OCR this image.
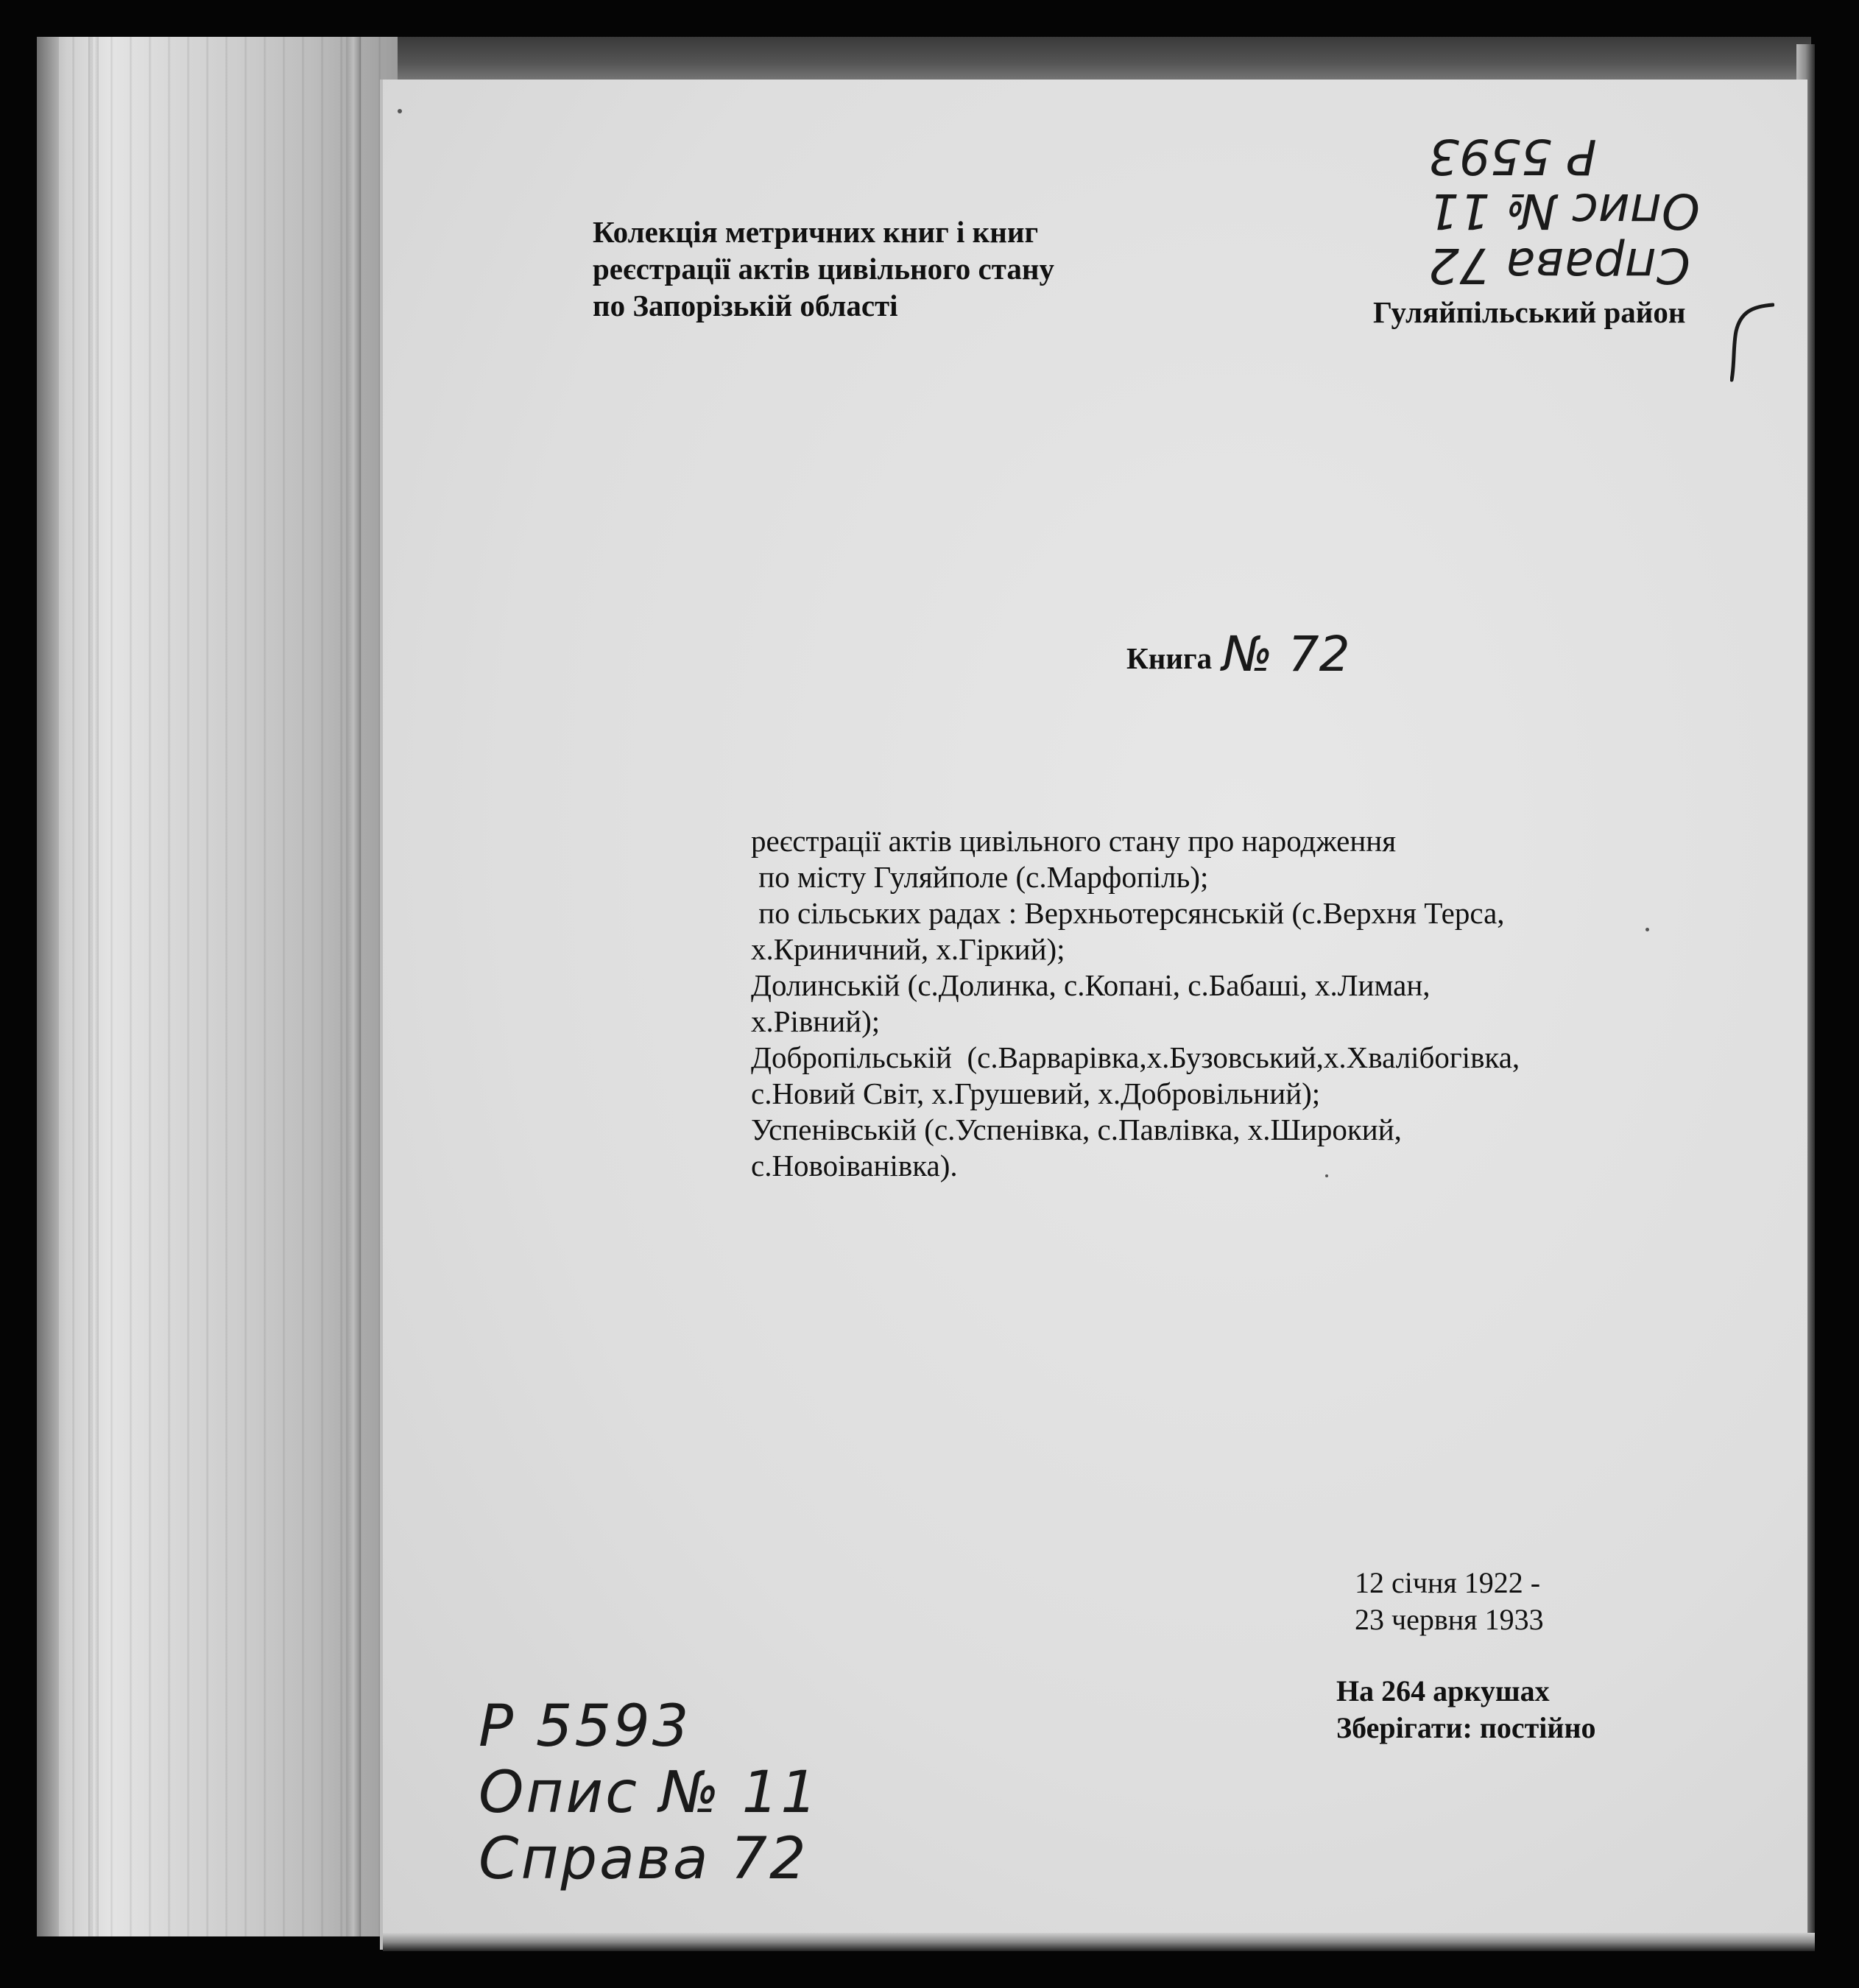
Колекція метричних книг і книг
реєстрації актів цивільного стану
по Запорізькій області	Гуляйпільський район
Справа 72
Опис № 11
Р 5593
Книга № 72
реєстрації актів цивільного стану про народження
по місту Гуляйполе (с.Марфопіль);
по сільських радах : Верхньотерсянській (с.Верхня Терса,
х.Криничний, х.Гіркий);
Долинській (с.Долинка, с.Копані, с.Бабаші, х.Лиман,
х.Рівний);
Добропільській  (с.Варварівка,х.Бузовський,х.Хвалібогівка,
с.Новий Світ, х.Грушевий, х.Добровільний);
Успенівській (с.Успенівка, с.Павлівка, х.Широкий,
с.Новоіванівка).
12 січня 1922 -
23 червня 1933
На 264 аркушах
Зберігати: постійно
Р 5593
Опис № 11
Справа 72
